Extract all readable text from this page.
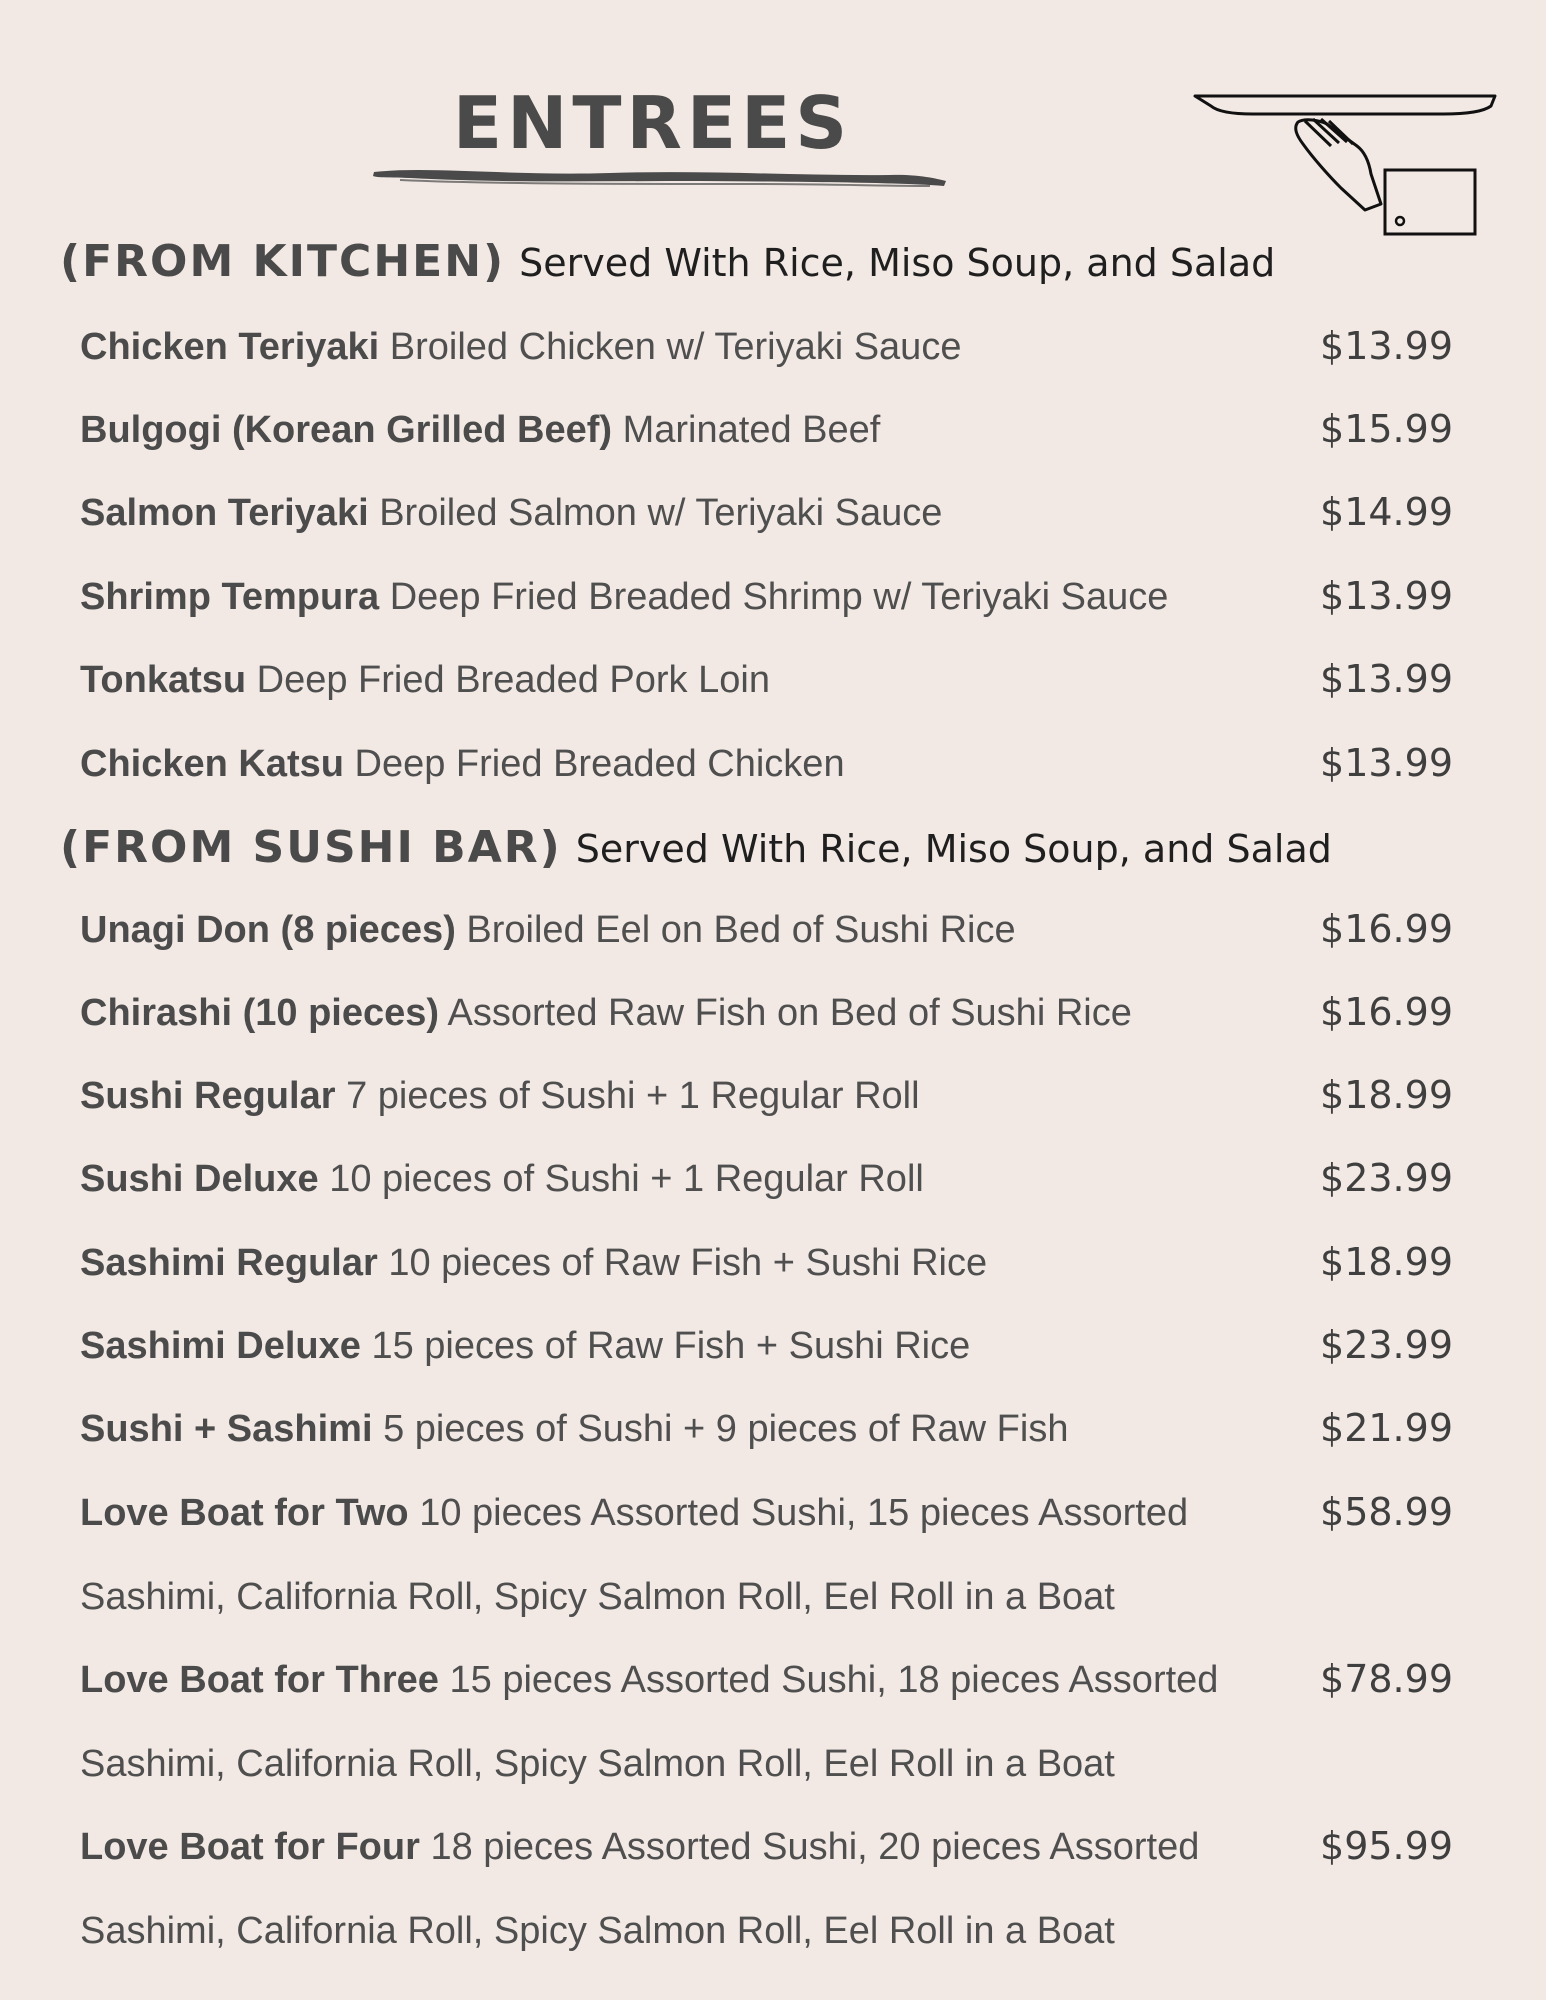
ENTREES
(FROM KITCHEN) Served With Rice, Miso Soup, and Salad
Chicken Teriyaki Broiled Chicken w/ Teriyaki Sauce	$13.99
Bulgogi (Korean Grilled Beef) Marinated Beef	$15.99
Salmon Teriyaki Broiled Salmon w/ Teriyaki Sauce	$14.99
Shrimp Tempura Deep Fried Breaded Shrimp w/ Teriyaki Sauce	$13.99
Tonkatsu Deep Fried Breaded Pork Loin	$13.99
Chicken Katsu Deep Fried Breaded Chicken	$13.99
(FROM SUSHI BAR) Served With Rice, Miso Soup, and Salad
Unagi Don (8 pieces) Broiled Eel on Bed of Sushi Rice	$16.99
Chirashi (10 pieces) Assorted Raw Fish on Bed of Sushi Rice	$16.99
Sushi Regular 7 pieces of Sushi + 1 Regular Roll	$18.99
Sushi Deluxe 10 pieces of Sushi + 1 Regular Roll	$23.99
Sashimi Regular 10 pieces of Raw Fish + Sushi Rice	$18.99
Sashimi Deluxe 15 pieces of Raw Fish + Sushi Rice	$23.99
Sushi + Sashimi 5 pieces of Sushi + 9 pieces of Raw Fish	$21.99
Love Boat for Two 10 pieces Assorted Sushi, 15 pieces Assorted	$58.99
Sashimi, California Roll, Spicy Salmon Roll, Eel Roll in a Boat
Love Boat for Three 15 pieces Assorted Sushi, 18 pieces Assorted	$78.99
Sashimi, California Roll, Spicy Salmon Roll, Eel Roll in a Boat
Love Boat for Four 18 pieces Assorted Sushi, 20 pieces Assorted	$95.99
Sashimi, California Roll, Spicy Salmon Roll, Eel Roll in a Boat
